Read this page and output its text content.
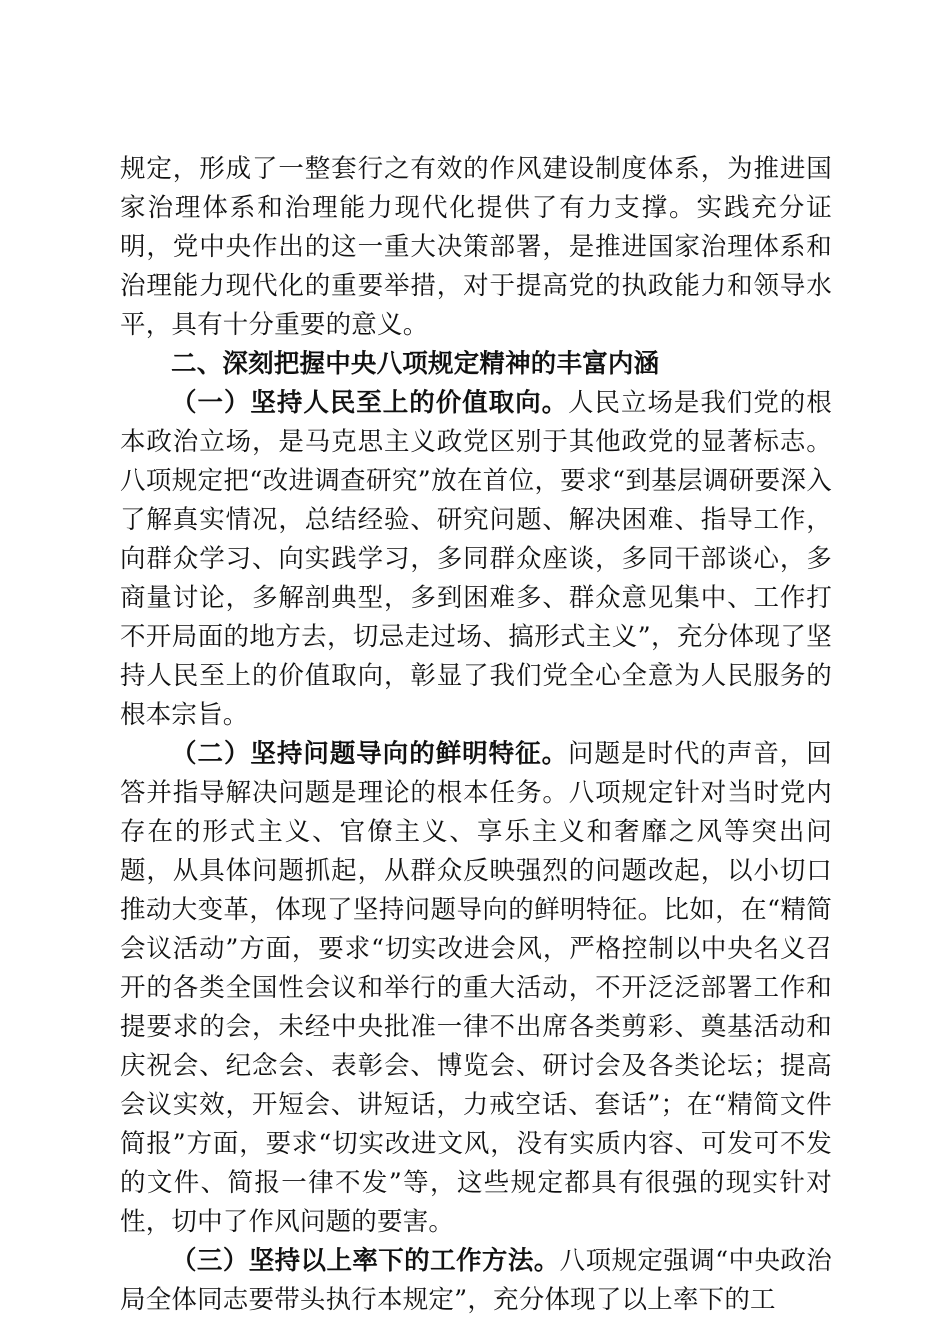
规定，形成了一整套行之有效的作风建设制度体系，为推进国家治理体系和治理能力现代化提供了有力支撑。实践充分证明，党中央作出的这一重大决策部署，是推进国家治理体系和治理能力现代化的重要举措，对于提高党的执政能力和领导水平，具有十分重要的意义。

二、深刻把握中央八项规定精神的丰富内涵

（一）坚持人民至上的价值取向。人民立场是我们党的根本政治立场，是马克思主义政党区别于其他政党的显著标志。八项规定把“改进调查研究”放在首位，要求“到基层调研要深入了解真实情况，总结经验、研究问题、解决困难、指导工作，向群众学习、向实践学习，多同群众座谈，多同干部谈心，多商量讨论，多解剖典型，多到困难多、群众意见集中、工作打不开局面的地方去，切忌走过场、搞形式主义”，充分体现了坚持人民至上的价值取向，彰显了我们党全心全意为人民服务的根本宗旨。

（二）坚持问题导向的鲜明特征。问题是时代的声音，回答并指导解决问题是理论的根本任务。八项规定针对当时党内存在的形式主义、官僚主义、享乐主义和奢靡之风等突出问题，从具体问题抓起，从群众反映强烈的问题改起，以小切口推动大变革，体现了坚持问题导向的鲜明特征。比如，在“精简会议活动”方面，要求“切实改进会风，严格控制以中央名义召开的各类全国性会议和举行的重大活动，不开泛泛部署工作和提要求的会，未经中央批准一律不出席各类剪彩、奠基活动和庆祝会、纪念会、表彰会、博览会、研讨会及各类论坛；提高会议实效，开短会、讲短话，力戒空话、套话”；在“精简文件简报”方面，要求“切实改进文风，没有实质内容、可发可不发的文件、简报一律不发”等，这些规定都具有很强的现实针对性，切中了作风问题的要害。

（三）坚持以上率下的工作方法。八项规定强调“中央政治局全体同志要带头执行本规定”，充分体现了以上率下的工
